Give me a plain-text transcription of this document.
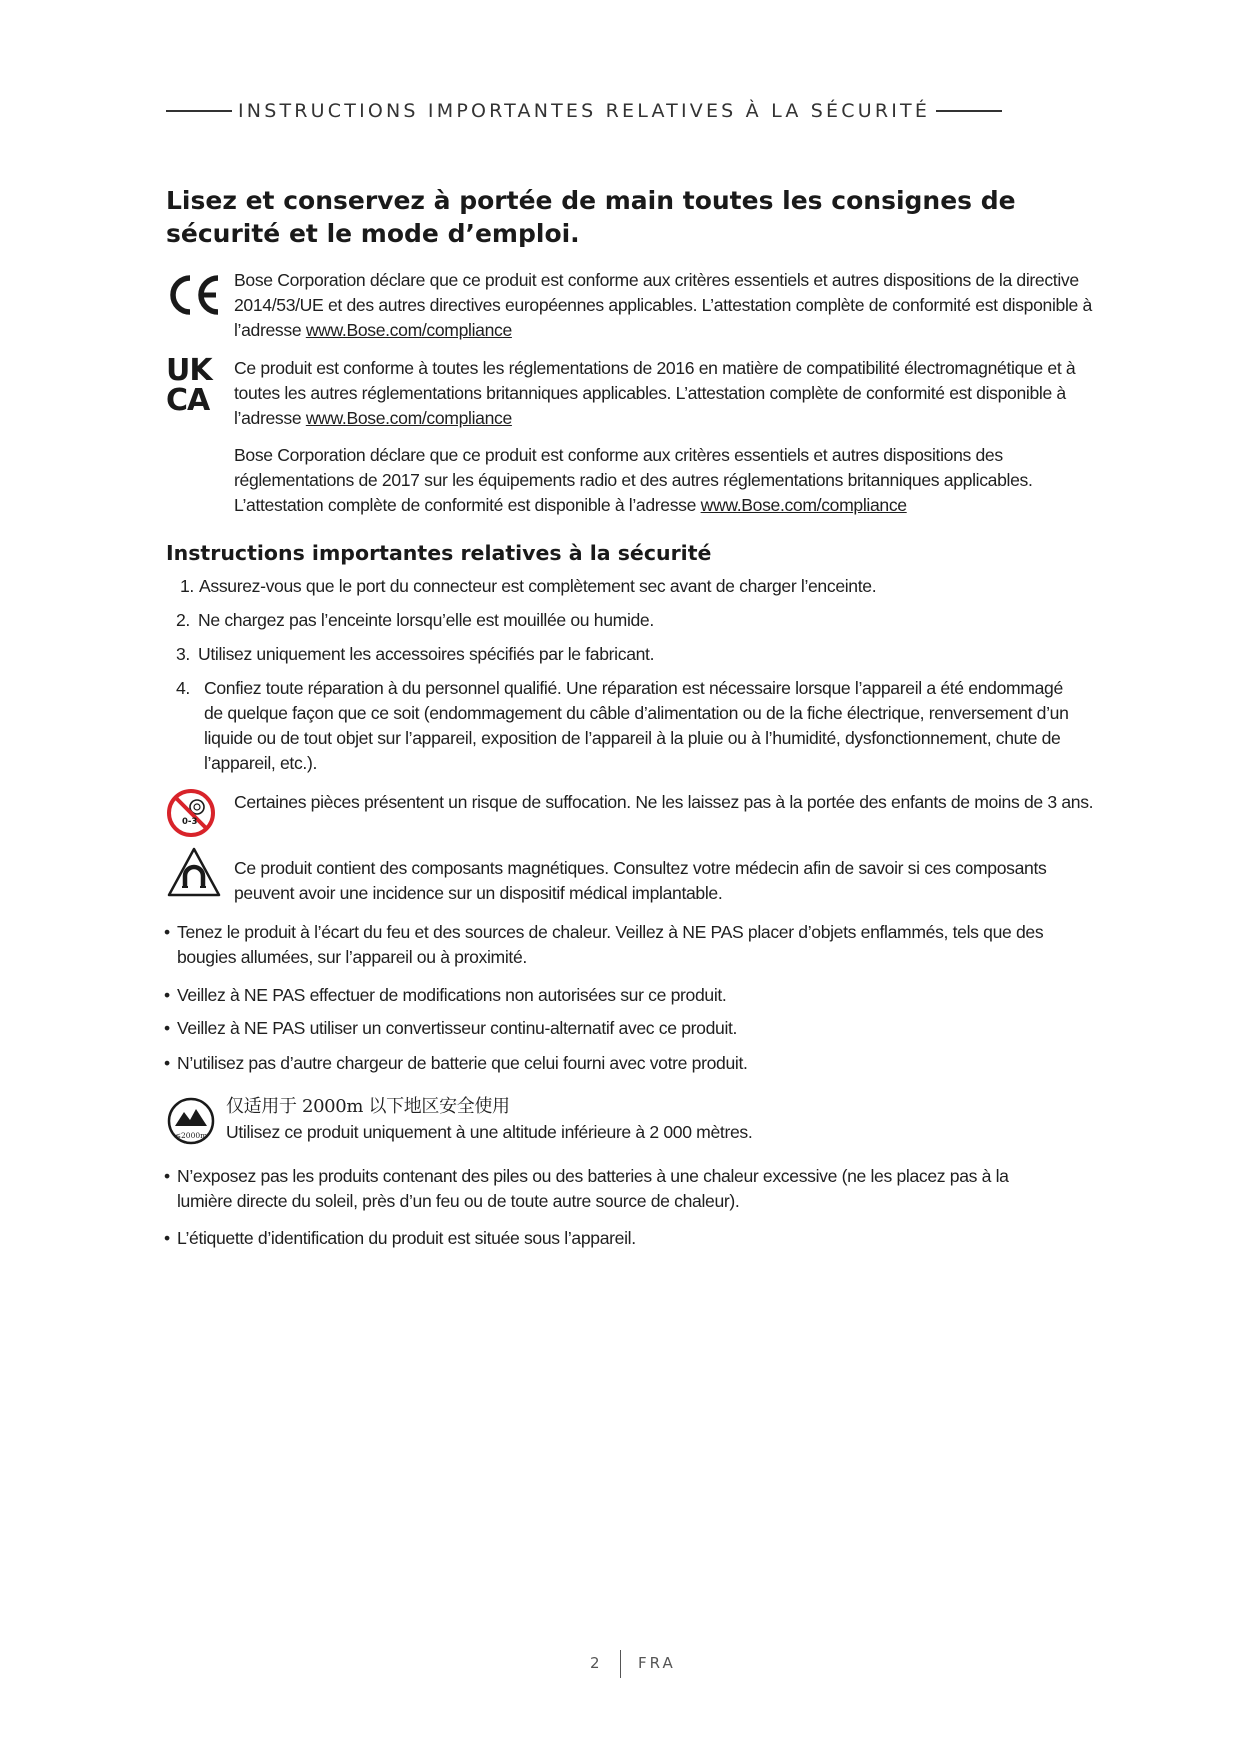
INSTRUCTIONS IMPORTANTES RELATIVES À LA SÉCURITÉ
Lisez et conservez à portée de main toutes les consignes de sécurité et le mode d’emploi.
Bose Corporation déclare que ce produit est conforme aux critères essentiels et autres dispositions de la directive 2014/53/UE et des autres directives européennes applicables. L’attestation complète de conformité est disponible à l’adresse www.Bose.com/compliance
UK
CA
Ce produit est conforme à toutes les réglementations de 2016 en matière de compatibilité électromagnétique et à toutes les autres réglementations britanniques applicables. L’attestation complète de conformité est disponible à l’adresse www.Bose.com/compliance
Bose Corporation déclare que ce produit est conforme aux critères essentiels et autres dispositions des réglementations de 2017 sur les équipements radio et des autres réglementations britanniques applicables. L’attestation complète de conformité est disponible à l’adresse www.Bose.com/compliance
Instructions importantes relatives à la sécurité
1. Assurez-vous que le port du connecteur est complètement sec avant de charger l’enceinte.
2. Ne chargez pas l’enceinte lorsqu’elle est mouillée ou humide.
3. Utilisez uniquement les accessoires spécifiés par le fabricant.
4. Confiez toute réparation à du personnel qualifié. Une réparation est nécessaire lorsque l’appareil a été endommagé de quelque façon que ce soit (endommagement du câble d’alimentation ou de la fiche électrique, renversement d’un liquide ou de tout objet sur l’appareil, exposition de l’appareil à la pluie ou à l’humidité, dysfonctionnement, chute de l’appareil, etc.).
0-3
Certaines pièces présentent un risque de suffocation. Ne les laissez pas à la portée des enfants de moins de 3 ans.
Ce produit contient des composants magnétiques. Consultez votre médecin afin de savoir si ces composants peuvent avoir une incidence sur un dispositif médical implantable.
• Tenez le produit à l’écart du feu et des sources de chaleur. Veillez à NE PAS placer d’objets enflammés, tels que des bougies allumées, sur l’appareil ou à proximité.
• Veillez à NE PAS effectuer de modifications non autorisées sur ce produit.
• Veillez à NE PAS utiliser un convertisseur continu-alternatif avec ce produit.
• N’utilisez pas d’autre chargeur de batterie que celui fourni avec votre produit.
≤2000m
仅适用于 2000m 以下地区安全使用
Utilisez ce produit uniquement à une altitude inférieure à 2 000 mètres.
• N’exposez pas les produits contenant des piles ou des batteries à une chaleur excessive (ne les placez pas à la lumière directe du soleil, près d’un feu ou de toute autre source de chaleur).
• L’étiquette d’identification du produit est située sous l’appareil.
2 FRA
